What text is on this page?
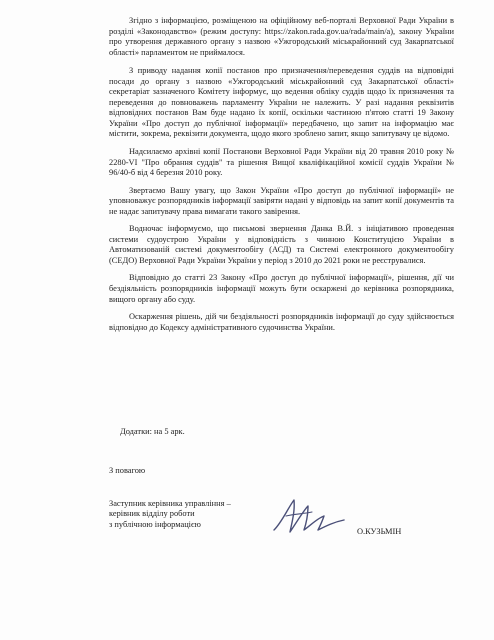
Згідно з інформацією, розміщеною на офіційному веб-порталі Верховної Ради України в розділі «Законодавство» (режим доступу: https://zakon.rada.gov.ua/rada/main/a), закону України про утворення державного органу з назвою «Ужгородський міськрайонний суд Закарпатської області» парламентом не приймалося.

З приводу надання копії постанов про призначення/переведення суддів на відповідні посади до органу з назвою «Ужгородський міськрайонний суд Закарпатської області» секретаріат зазначеного Комітету інформує, що ведення обліку суддів щодо їх призначення та переведення до повноважень парламенту України не належить. У разі надання реквізитів відповідних постанов Вам буде надано їх копії, оскільки частиною п'ятою статті 19 Закону України «Про доступ до публічної інформації» передбачено, що запит на інформацію має містити, зокрема, реквізити документа, щодо якого зроблено запит, якщо запитувачу це відомо.

Надсилаємо архівні копії Постанови Верховної Ради України від 20 травня 2010 року № 2280-VI "Про обрання суддів" та рішення Вищої кваліфікаційної комісії суддів України № 96/40-б від 4 березня 2010 року.

Звертаємо Вашу увагу, що Закон України «Про доступ до публічної інформації» не уповноважує розпорядників інформації завіряти надані у відповідь на запит копії документів та не надає запитувачу права вимагати такого завірення.

Водночас інформуємо, що письмові звернення Данка В.Й. з ініціативою проведення системи судоустрою України у відповідність з чинною Конституцією України в Автоматизованій системі документообігу (АСД) та Системі електронного документообігу (СЕДО) Верховної Ради України України у період з 2010 до 2021 роки не реєструвалися.

Відповідно до статті 23 Закону «Про доступ до публічної інформації», рішення, дії чи бездіяльність розпорядників інформації можуть бути оскаржені до керівника розпорядника, вищого органу або суду.

Оскарження рішень, дій чи бездіяльності розпорядників інформації до суду здійснюється відповідно до Кодексу адміністративного судочинства України.

Додатки: на 5 арк.
З повагою
Заступник керівника управління –
керівник відділу роботи
з публічною інформацією
О.КУЗЬМІН
